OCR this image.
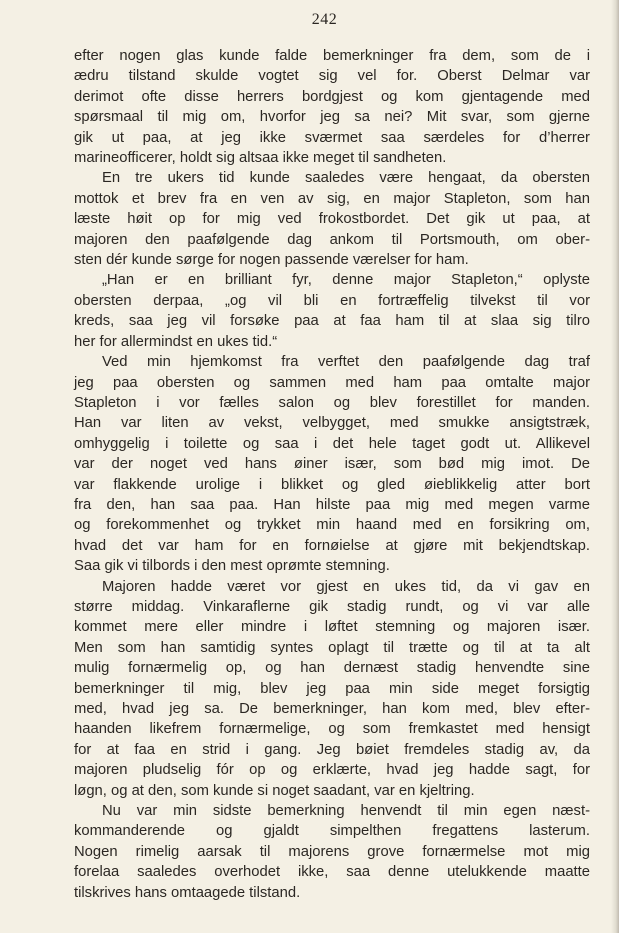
242

efter nogen glas kunde falde bemerkninger fra dem, som de i
ædru tilstand skulde vogtet sig vel for. Oberst Delmar var
derimot ofte disse herrers bordgjest og kom gjentagende med
spørsmaal til mig om, hvorfor jeg sa nei? Mit svar, som gjerne
gik ut paa, at jeg ikke sværmet saa særdeles for d’herrer
marineofficerer, holdt sig altsaa ikke meget til sandheten.

En tre ukers tid kunde saaledes være hengaat, da obersten
mottok et brev fra en ven av sig, en major Stapleton, som han
læste høit op for mig ved frokostbordet. Det gik ut paa, at
majoren den paafølgende dag ankom til Portsmouth, om ober-
sten dér kunde sørge for nogen passende værelser for ham.

„Han er en brilliant fyr, denne major Stapleton,“ oplyste
obersten derpaa, „og vil bli en fortræffelig tilvekst til vor
kreds, saa jeg vil forsøke paa at faa ham til at slaa sig tilro
her for allermindst en ukes tid.“

Ved min hjemkomst fra verftet den paafølgende dag traf
jeg paa obersten og sammen med ham paa omtalte major
Stapleton i vor fælles salon og blev forestillet for manden.
Han var liten av vekst, velbygget, med smukke ansigtstræk,
omhyggelig i toilette og saa i det hele taget godt ut. Allikevel
var der noget ved hans øiner især, som bød mig imot. De
var flakkende urolige i blikket og gled øieblikkelig atter bort
fra den, han saa paa. Han hilste paa mig med megen varme
og forekommenhet og trykket min haand med en forsikring om,
hvad det var ham for en fornøielse at gjøre mit bekjendtskap.
Saa gik vi tilbords i den mest oprømte stemning.

Majoren hadde været vor gjest en ukes tid, da vi gav en
større middag. Vinkaraflerne gik stadig rundt, og vi var alle
kommet mere eller mindre i løftet stemning og majoren især.
Men som han samtidig syntes oplagt til trætte og til at ta alt
mulig fornærmelig op, og han dernæst stadig henvendte sine
bemerkninger til mig, blev jeg paa min side meget forsigtig
med, hvad jeg sa. De bemerkninger, han kom med, blev efter-
haanden likefrem fornærmelige, og som fremkastet med hensigt
for at faa en strid i gang. Jeg bøiet fremdeles stadig av, da
majoren pludselig fór op og erklærte, hvad jeg hadde sagt, for
løgn, og at den, som kunde si noget saadant, var en kjeltring.

Nu var min sidste bemerkning henvendt til min egen næst-
kommanderende og gjaldt simpelthen fregattens lasterum.
Nogen rimelig aarsak til majorens grove fornærmelse mot mig
forelaa saaledes overhodet ikke, saa denne utelukkende maatte
tilskrives hans omtaagede tilstand.
